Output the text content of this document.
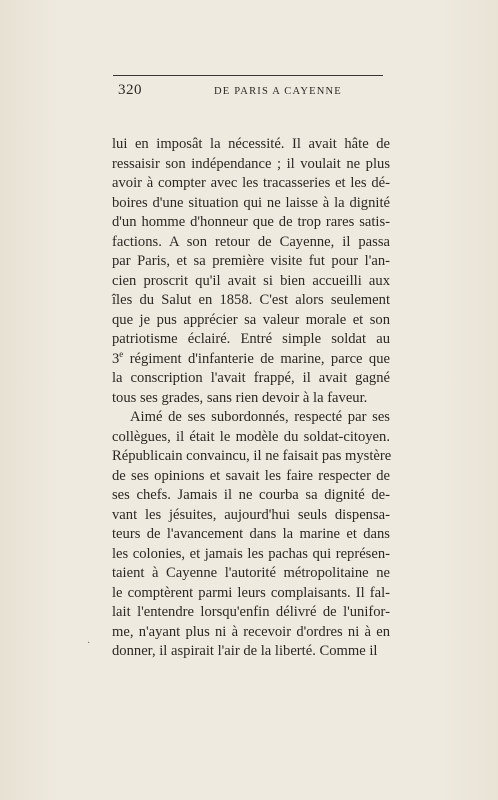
320	DE PARIS A CAYENNE
lui en imposât la nécessité. Il avait hâte de
ressaisir son indépendance ; il voulait ne plus
avoir à compter avec les tracasseries et les dé-
boires d'une situation qui ne laisse à la dignité
d'un homme d'honneur que de trop rares satis-
factions. A son retour de Cayenne, il passa
par Paris, et sa première visite fut pour l'an-
cien proscrit qu'il avait si bien accueilli aux
îles du Salut en 1858. C'est alors seulement
que je pus apprécier sa valeur morale et son
patriotisme éclairé. Entré simple soldat au
3e régiment d'infanterie de marine, parce que
la conscription l'avait frappé, il avait gagné
tous ses grades, sans rien devoir à la faveur.
Aimé de ses subordonnés, respecté par ses
collègues, il était le modèle du soldat-citoyen.
Républicain convaincu, il ne faisait pas mystère
de ses opinions et savait les faire respecter de
ses chefs. Jamais il ne courba sa dignité de-
vant les jésuites, aujourd'hui seuls dispensa-
teurs de l'avancement dans la marine et dans
les colonies, et jamais les pachas qui représen-
taient à Cayenne l'autorité métropolitaine ne
le comptèrent parmi leurs complaisants. Il fal-
lait l'entendre lorsqu'enfin délivré de l'unifor-
me, n'ayant plus ni à recevoir d'ordres ni à en
donner, il aspirait l'air de la liberté. Comme il
·
